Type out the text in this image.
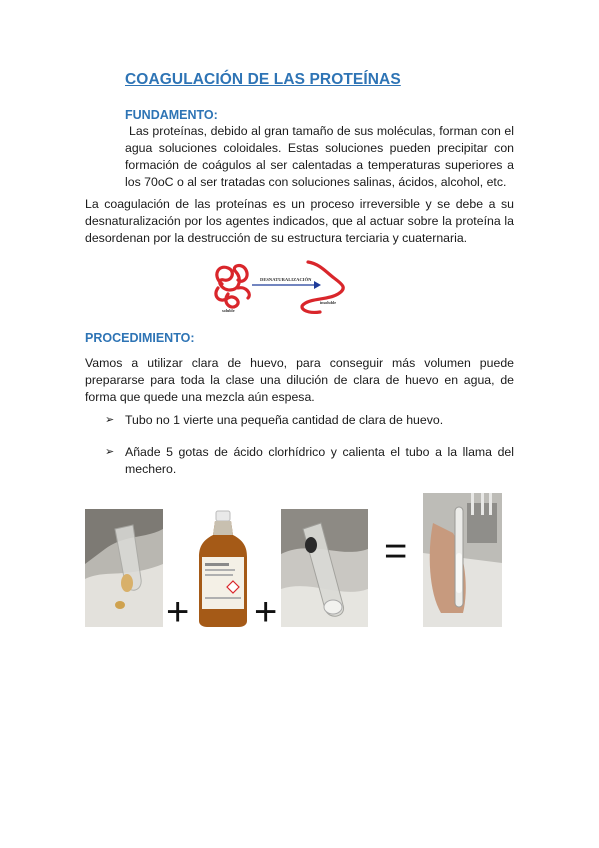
COAGULACIÓN DE LAS PROTEÍNAS
FUNDAMENTO:
Las proteínas, debido al gran tamaño de sus moléculas, forman con el agua soluciones coloidales. Estas soluciones pueden precipitar con formación de coágulos al ser calentadas a temperaturas superiores a los 70oC o al ser tratadas con soluciones salinas, ácidos, alcohol, etc.
La coagulación de las proteínas es un proceso irreversible y se debe a su desnaturalización por los agentes indicados, que al actuar sobre la proteína la desordenan por la destrucción de su estructura terciaria y cuaternaria.
DESNATURALIZACIÓN
soluble
insoluble
PROCEDIMIENTO:
Vamos a utilizar clara de huevo, para conseguir más volumen puede prepararse para toda la clase una dilución de clara de huevo en agua, de forma que quede una mezcla aún espesa.
➢ Tubo no 1 vierte una pequeña cantidad de clara de huevo.
➢ Añade 5 gotas de ácido clorhídrico y calienta el tubo a la llama del mechero.
+ +
=
